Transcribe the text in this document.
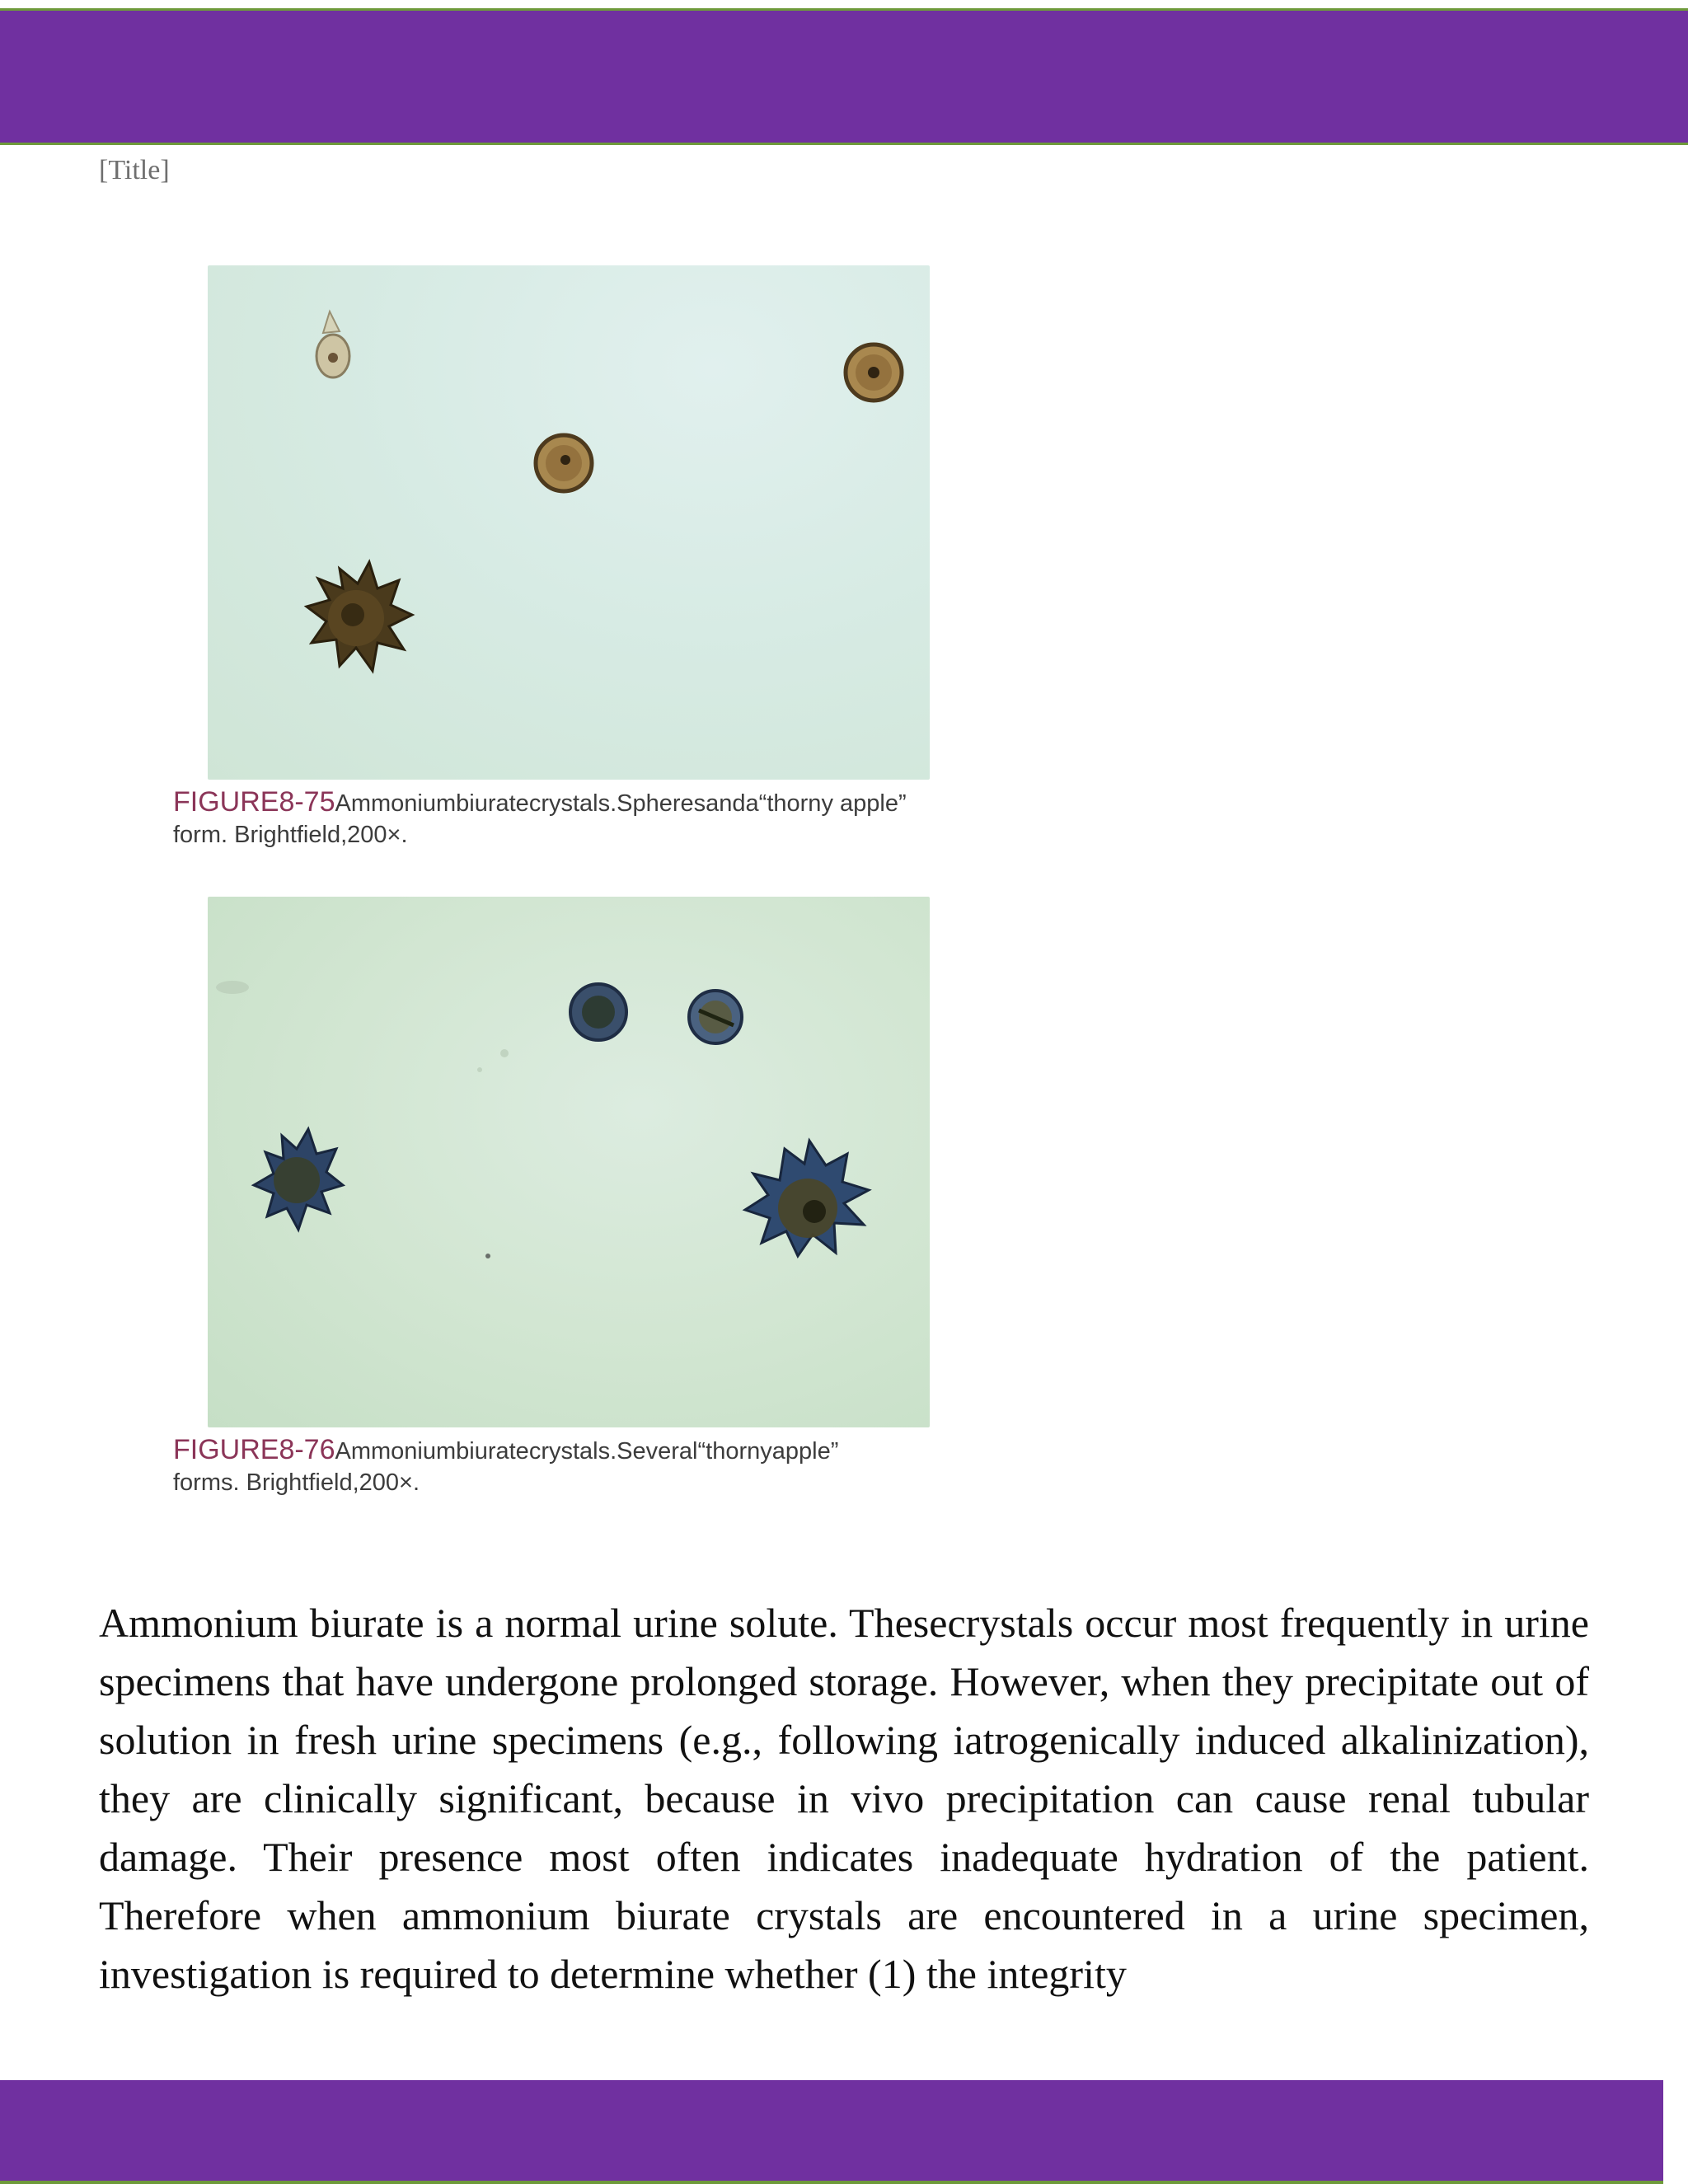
[Title]
FIGURE8-75Ammoniumbiuratecrystals.Spheresanda“thorny apple”
form. Brightfield,200×.
FIGURE8-76Ammoniumbiuratecrystals.Several“thornyapple”
forms. Brightfield,200×.

Ammonium biurate is a normal urine solute. Thesecrystals occur most frequently in urine specimens that have undergone prolonged storage. However, when they precipitate out of solution in fresh urine specimens (e.g., following iatrogenically induced alkalinization), they are clinically significant, because in vivo precipitation can cause renal tubular damage. Their presence most often indicates inadequate hydration of the patient. Therefore when ammonium biurate crystals are encountered in a urine specimen, investigation is required to determine whether (1) the integrity
